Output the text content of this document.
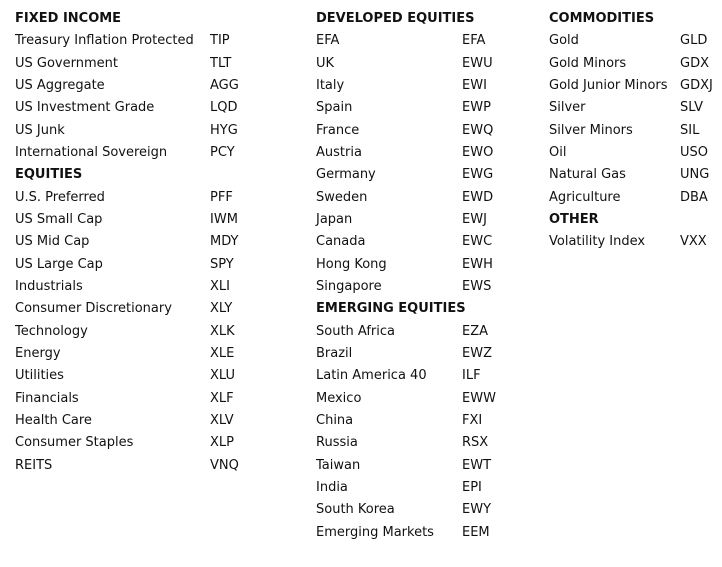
FIXED INCOME
Treasury Inflation Protected TIP
US Government	TLT
US Aggregate	AGG
US Investment Grade	LQD
US Junk	HYG
International Sovereign	PCY
EQUITIES
U.S. Preferred	PFF
US Small Cap	IWM
US Mid Cap	MDY
US Large Cap	SPY
Industrials	XLI
Consumer Discretionary	XLY
Technology	XLK
Energy	XLE
Utilities	XLU
Financials	XLF
Health Care	XLV
Consumer Staples	XLP
REITS	VNQ
DEVELOPED EQUITIES
EFA	EFA
UK	EWU
Italy	EWI
Spain	EWP
France	EWQ
Austria	EWO
Germany	EWG
Sweden	EWD
Japan	EWJ
Canada	EWC
Hong Kong	EWH
Singapore	EWS
EMERGING EQUITIES
South Africa	EZA
Brazil	EWZ
Latin America 40	ILF
Mexico	EWW
China	FXI
Russia	RSX
Taiwan	EWT
India	EPI
South Korea	EWY
Emerging Markets EEM
COMMODITIES
Gold	GLD
Gold Minors	GDX
Gold Junior Minors GDXJ
Silver	SLV
Silver Minors	SIL
Oil	USO
Natural Gas	UNG
Agriculture	DBA
OTHER
Volatility Index	VXX
